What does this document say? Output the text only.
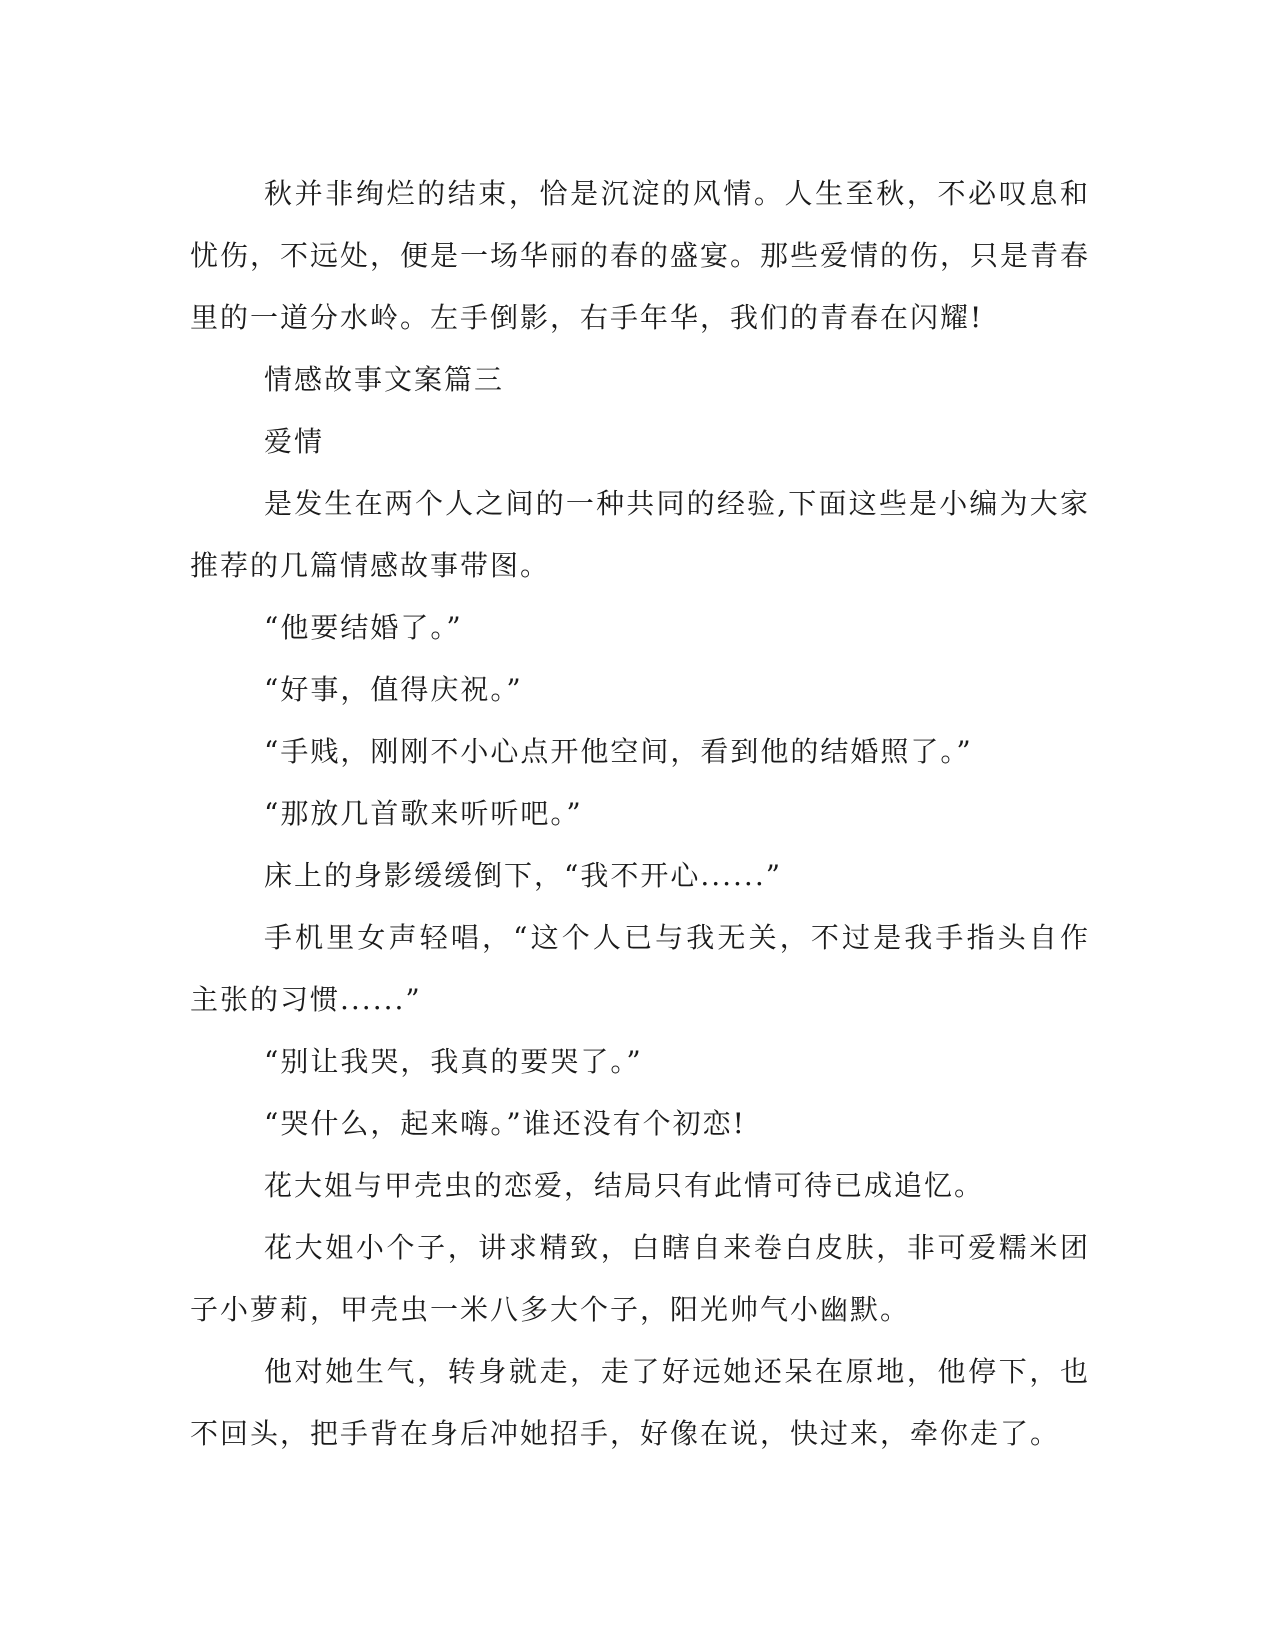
秋并非绚烂的结束，恰是沉淀的风情。人生至秋，不必叹息和忧伤，不远处，便是一场华丽的春的盛宴。那些爱情的伤，只是青春里的一道分水岭。左手倒影，右手年华，我们的青春在闪耀!

情感故事文案篇三

爱情

是发生在两个人之间的一种共同的经验,下面这些是小编为大家推荐的几篇情感故事带图。

“他要结婚了。”

“好事，值得庆祝。”

“手贱，刚刚不小心点开他空间，看到他的结婚照了。”

“那放几首歌来听听吧。”

床上的身影缓缓倒下，“我不开心......”

手机里女声轻唱，“这个人已与我无关，不过是我手指头自作主张的习惯......”

“别让我哭，我真的要哭了。”

“哭什么，起来嗨。”谁还没有个初恋!

花大姐与甲壳虫的恋爱，结局只有此情可待已成追忆。

花大姐小个子，讲求精致，白瞎自来卷白皮肤，非可爱糯米团子小萝莉，甲壳虫一米八多大个子，阳光帅气小幽默。

他对她生气，转身就走，走了好远她还呆在原地，他停下，也不回头，把手背在身后冲她招手，好像在说，快过来，牵你走了。
